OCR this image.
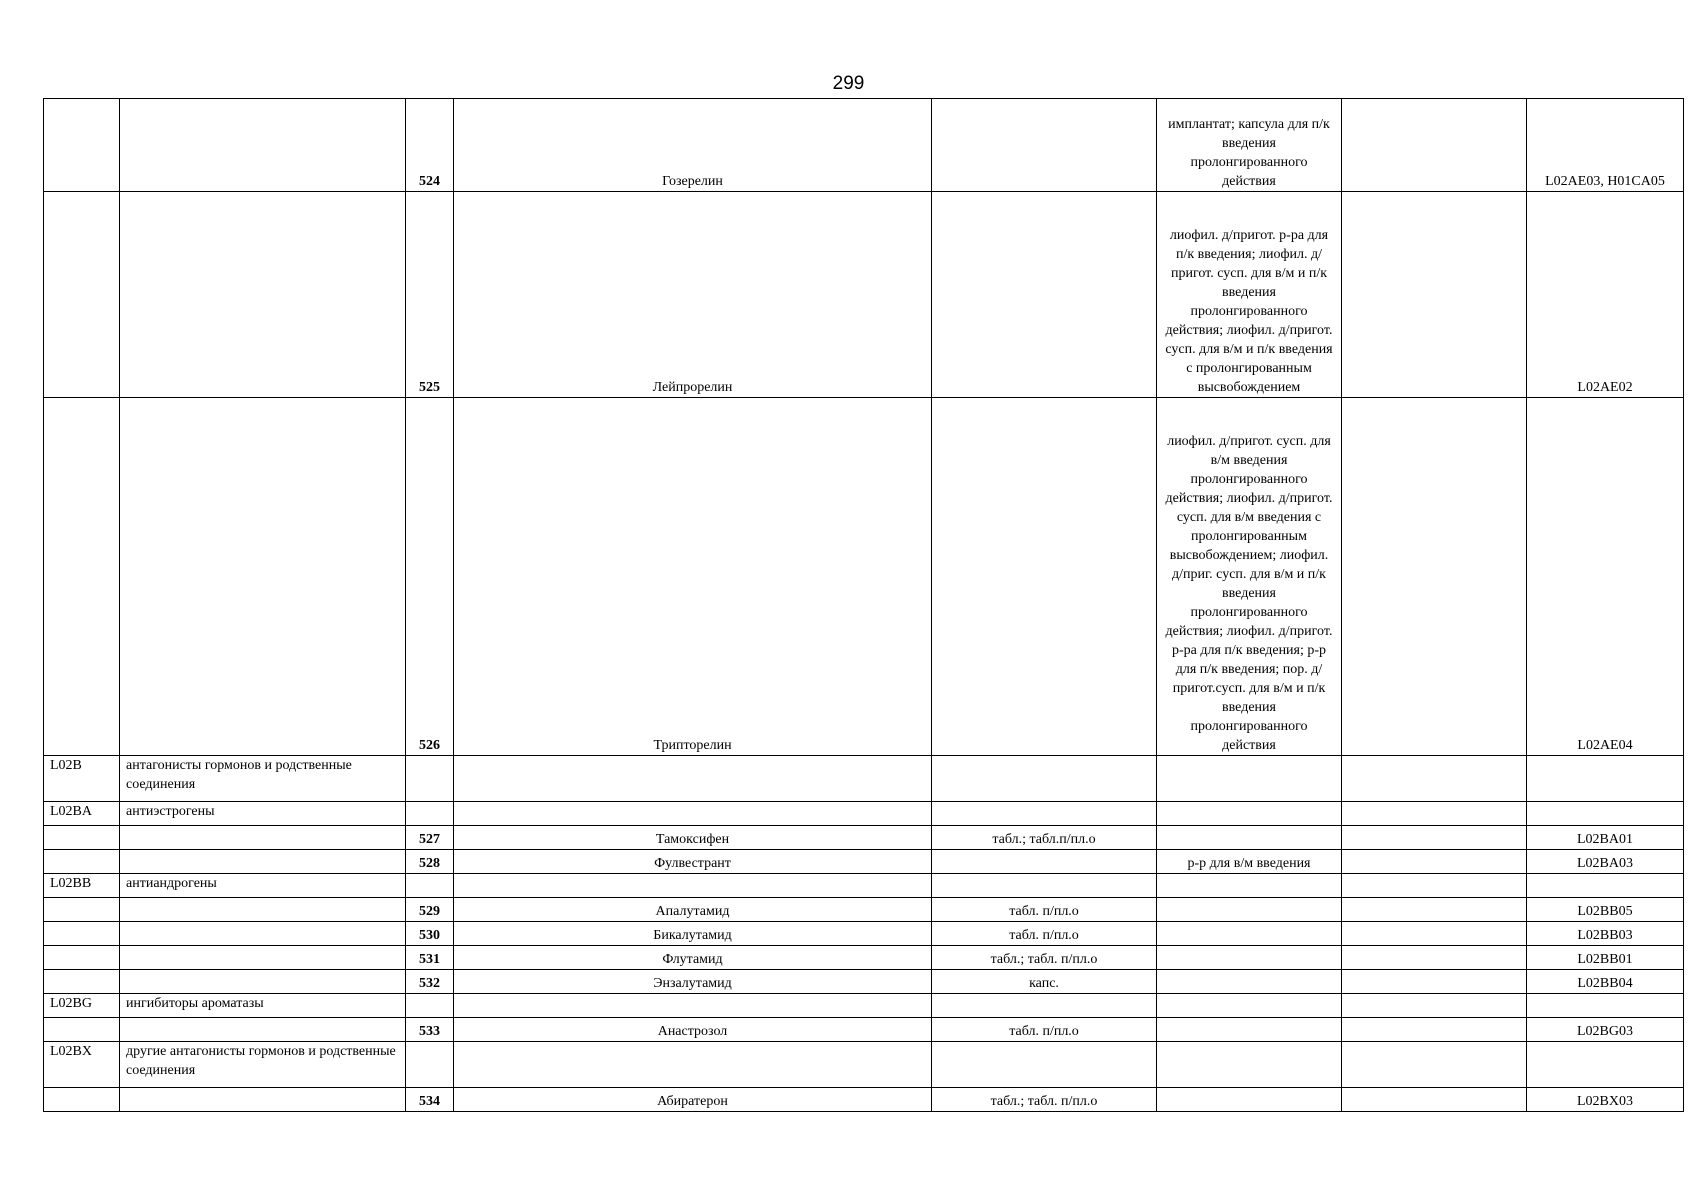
299
		524	Гозерелин		имплантат; капсула для п/к введения пролонгированного действия		L02AE03, H01CA05
		525	Лейпрорелин		лиофил. д/пригот. р-ра для п/к введения; лиофил. д/пригот. сусп. для в/м и п/к введения пролонгированного действия; лиофил. д/пригот. сусп. для в/м и п/к введения с пролонгированным высвобождением		L02AE02
		526	Трипторелин		лиофил. д/пригот. сусп. для в/м введения пролонгированного действия; лиофил. д/пригот. сусп. для в/м введения с пролонгированным высвобождением; лиофил. д/приг. сусп. для в/м и п/к введения пролонгированного действия; лиофил. д/пригот. р-ра для п/к введения; р-р для п/к введения; пор. д/пригот.сусп. для в/м и п/к введения пролонгированного действия		L02AE04
L02B	антагонисты гормонов и родственные соединения						
L02BA	антиэстрогены						
		527	Тамоксифен	табл.; табл.п/пл.о			L02BA01
		528	Фулвестрант		р-р для в/м введения		L02BA03
L02BB	антиандрогены						
		529	Апалутамид	табл. п/пл.о			L02BB05
		530	Бикалутамид	табл. п/пл.о			L02BB03
		531	Флутамид	табл.; табл. п/пл.о			L02BB01
		532	Энзалутамид	капс.			L02BB04
L02BG	ингибиторы ароматазы						
		533	Анастрозол	табл. п/пл.о			L02BG03
L02BX	другие антагонисты гормонов и родственные соединения						
		534	Абиратерон	табл.; табл. п/пл.о			L02BX03
